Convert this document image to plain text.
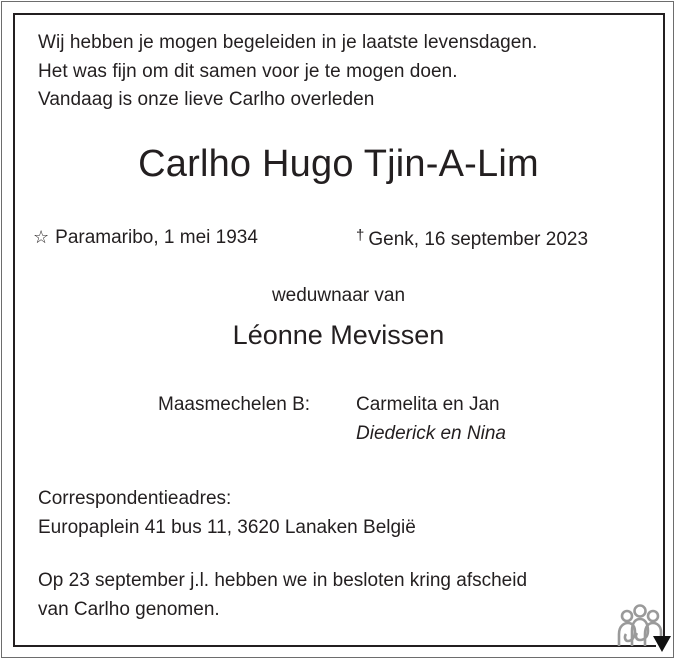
Wij hebben je mogen begeleiden in je laatste levensdagen.
Het was fijn om dit samen voor je te mogen doen.
Vandaag is onze lieve Carlho overleden
Carlho Hugo Tjin-A-Lim
☆ Paramaribo, 1 mei 1934	† Genk, 16 september 2023
weduwnaar van
Léonne Mevissen
Maasmechelen B: Carmelita en Jan
Diederick en Nina
Correspondentieadres:
Europaplein 41 bus 11, 3620 Lanaken België
Op 23 september j.l. hebben we in besloten kring afscheid
van Carlho genomen.
